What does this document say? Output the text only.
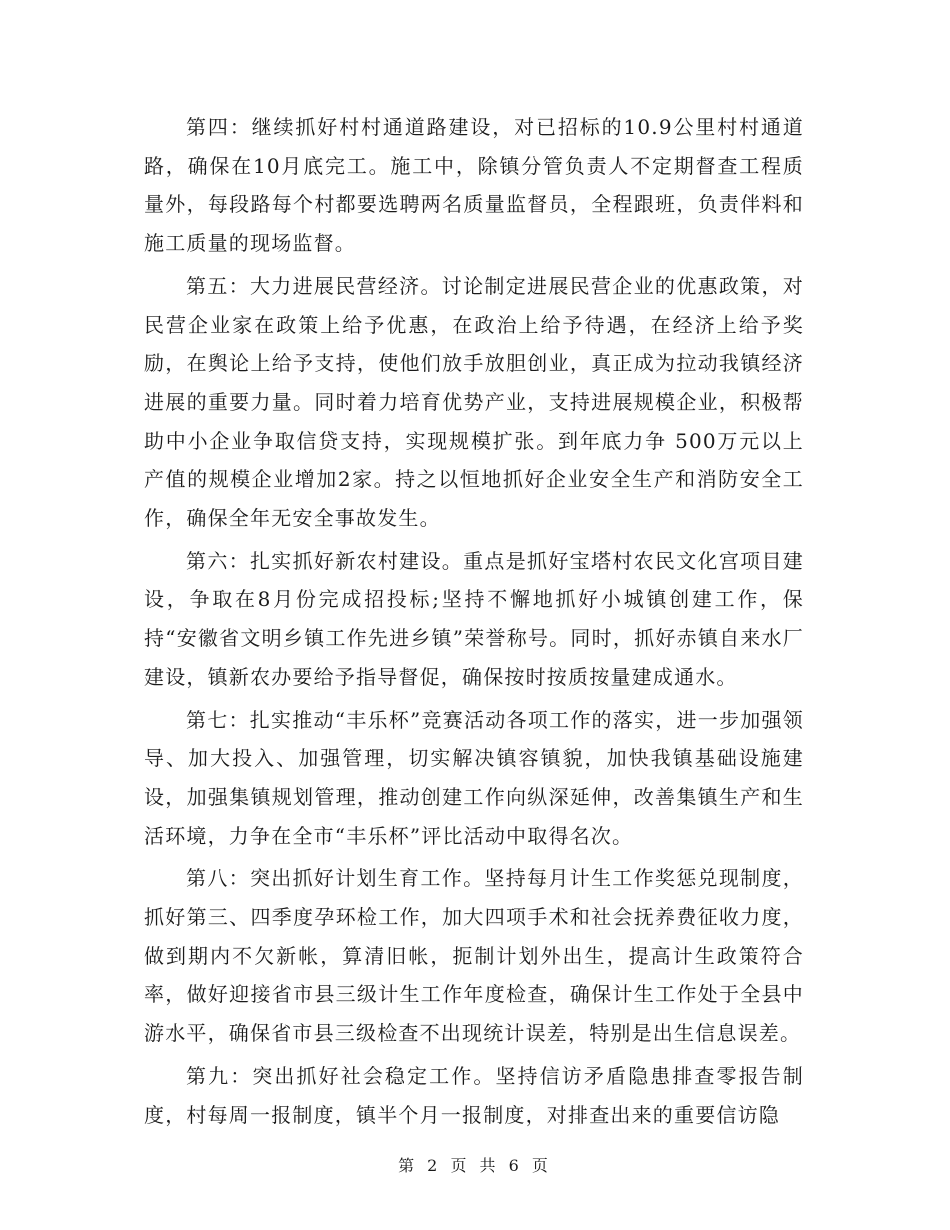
第四：继续抓好村村通道路建设，对已招标的10.9公里村村通道路，确保在10月底完工。施工中，除镇分管负责人不定期督查工程质量外，每段路每个村都要选聘两名质量监督员，全程跟班，负责伴料和施工质量的现场监督。

第五：大力进展民营经济。讨论制定进展民营企业的优惠政策，对民营企业家在政策上给予优惠，在政治上给予待遇，在经济上给予奖励，在舆论上给予支持，使他们放手放胆创业，真正成为拉动我镇经济进展的重要力量。同时着力培育优势产业，支持进展规模企业，积极帮助中小企业争取信贷支持，实现规模扩张。到年底力争 500万元以上产值的规模企业增加2家。持之以恒地抓好企业安全生产和消防安全工作，确保全年无安全事故发生。

第六：扎实抓好新农村建设。重点是抓好宝塔村农民文化宫项目建设，争取在8月份完成招投标;坚持不懈地抓好小城镇创建工作，保持“安徽省文明乡镇工作先进乡镇”荣誉称号。同时，抓好赤镇自来水厂建设，镇新农办要给予指导督促，确保按时按质按量建成通水。

第七：扎实推动“丰乐杯”竞赛活动各项工作的落实，进一步加强领导、加大投入、加强管理，切实解决镇容镇貌，加快我镇基础设施建设，加强集镇规划管理，推动创建工作向纵深延伸，改善集镇生产和生活环境，力争在全市“丰乐杯”评比活动中取得名次。

第八：突出抓好计划生育工作。坚持每月计生工作奖惩兑现制度，抓好第三、四季度孕环检工作，加大四项手术和社会抚养费征收力度，做到期内不欠新帐，算清旧帐，扼制计划外出生，提高计生政策符合率，做好迎接省市县三级计生工作年度检查，确保计生工作处于全县中游水平，确保省市县三级检查不出现统计误差，特别是出生信息误差。

第九：突出抓好社会稳定工作。坚持信访矛盾隐患排查零报告制度，村每周一报制度，镇半个月一报制度，对排查出来的重要信访隐

第 2 页 共 6 页
